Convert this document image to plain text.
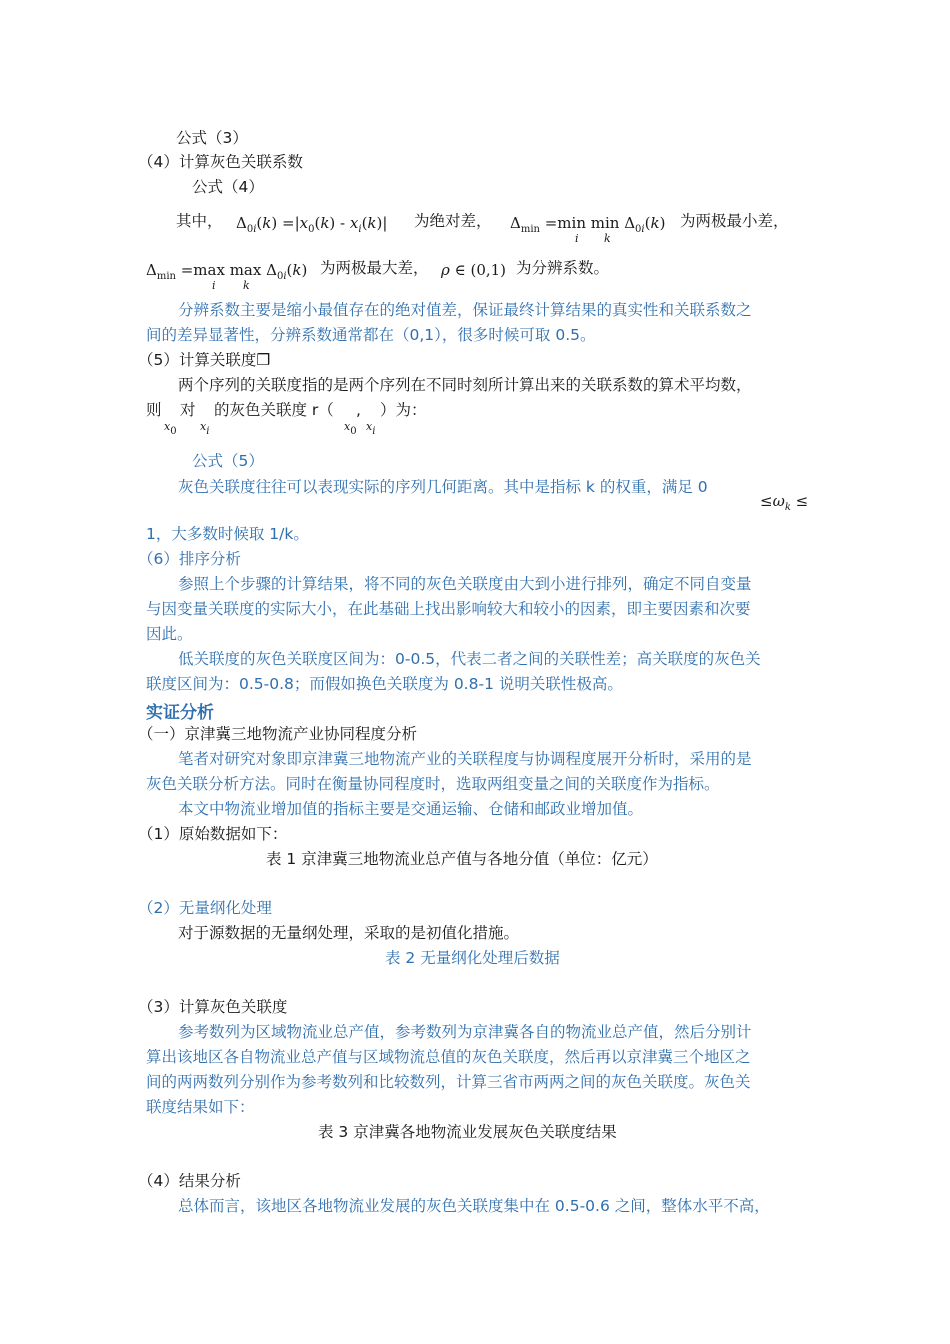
公式（3）
（4）计算灰色关联系数
公式（4）
其中， $\Delta_{0i}(k) =|x_0(k) - x_i(k)|$ 为绝对差， $\Delta_{min} =\min$ $\min \Delta_{0i}(k)$
i k
为两极最小差，
$\Delta_{min} =\max$ $\max \Delta_{0i}(k)$
i k
为两极最大差， ρ ∈ (0,1) 为分辨系数。
分辨系数主要是缩小最值存在的绝对值差，保证最终计算结果的真实性和关联系数之
间的差异显著性，分辨系数通常都在（0,1），很多时候可取 0.5。
（5）计算关联度❒
两个序列的关联度指的是两个序列在不同时刻所计算出来的关联系数的算术平均数，
则 对 的灰色关联度 r（ , ）为：
x0 xi	x0 xi
公式（5）
灰色关联度往往可以表现实际的序列几何距离。其中是指标 k 的权重，满足 0
$\le\omega_k$ ≤
1，大多数时候取 1/k。
（6）排序分析
参照上个步骤的计算结果，将不同的灰色关联度由大到小进行排列，确定不同自变量
与因变量关联度的实际大小，在此基础上找出影响较大和较小的因素，即主要因素和次要
因此。
低关联度的灰色关联度区间为：0-0.5，代表二者之间的关联性差；高关联度的灰色关
联度区间为：0.5-0.8；而假如换色关联度为 0.8-1 说明关联性极高。
实证分析
（一）京津冀三地物流产业协同程度分析
笔者对研究对象即京津冀三地物流产业的关联程度与协调程度展开分析时，采用的是
灰色关联分析方法。同时在衡量协同程度时，选取两组变量之间的关联度作为指标。
本文中物流业增加值的指标主要是交通运输、仓储和邮政业增加值。
（1）原始数据如下：
表 1 京津冀三地物流业总产值与各地分值（单位：亿元）
（2）无量纲化处理
对于源数据的无量纲处理，采取的是初值化措施。
表 2 无量纲化处理后数据
（3）计算灰色关联度
参考数列为区域物流业总产值，参考数列为京津冀各自的物流业总产值，然后分别计
算出该地区各自物流业总产值与区域物流总值的灰色关联度，然后再以京津冀三个地区之
间的两两数列分别作为参考数列和比较数列，计算三省市两两之间的灰色关联度。灰色关
联度结果如下：
表 3 京津冀各地物流业发展灰色关联度结果
（4）结果分析
总体而言，该地区各地物流业发展的灰色关联度集中在 0.5-0.6 之间，整体水平不高，
